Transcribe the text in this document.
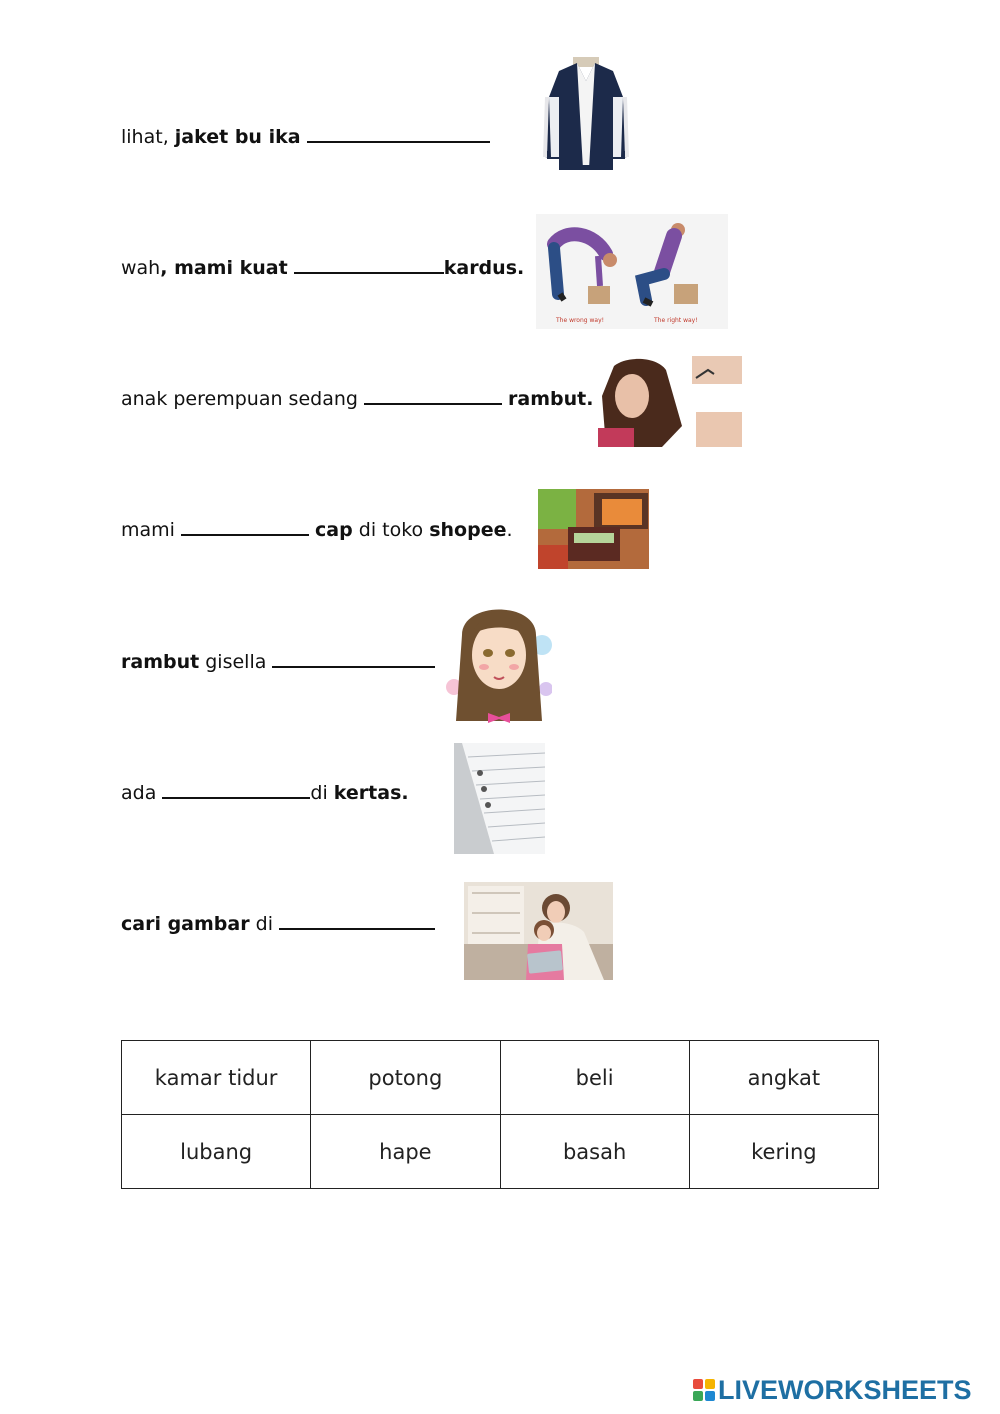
lihat, jaket bu ika
wah, mami kuat	kardus.
The wrong way!	The right way!
anak perempuan sedang	rambut.
mami	cap di toko shopee.
rambut gisella
ada	di kertas.
cari gambar di
kamar tidur	potong	beli	angkat
lubang	hape	basah	kering
LIVEWORKSHEETS
